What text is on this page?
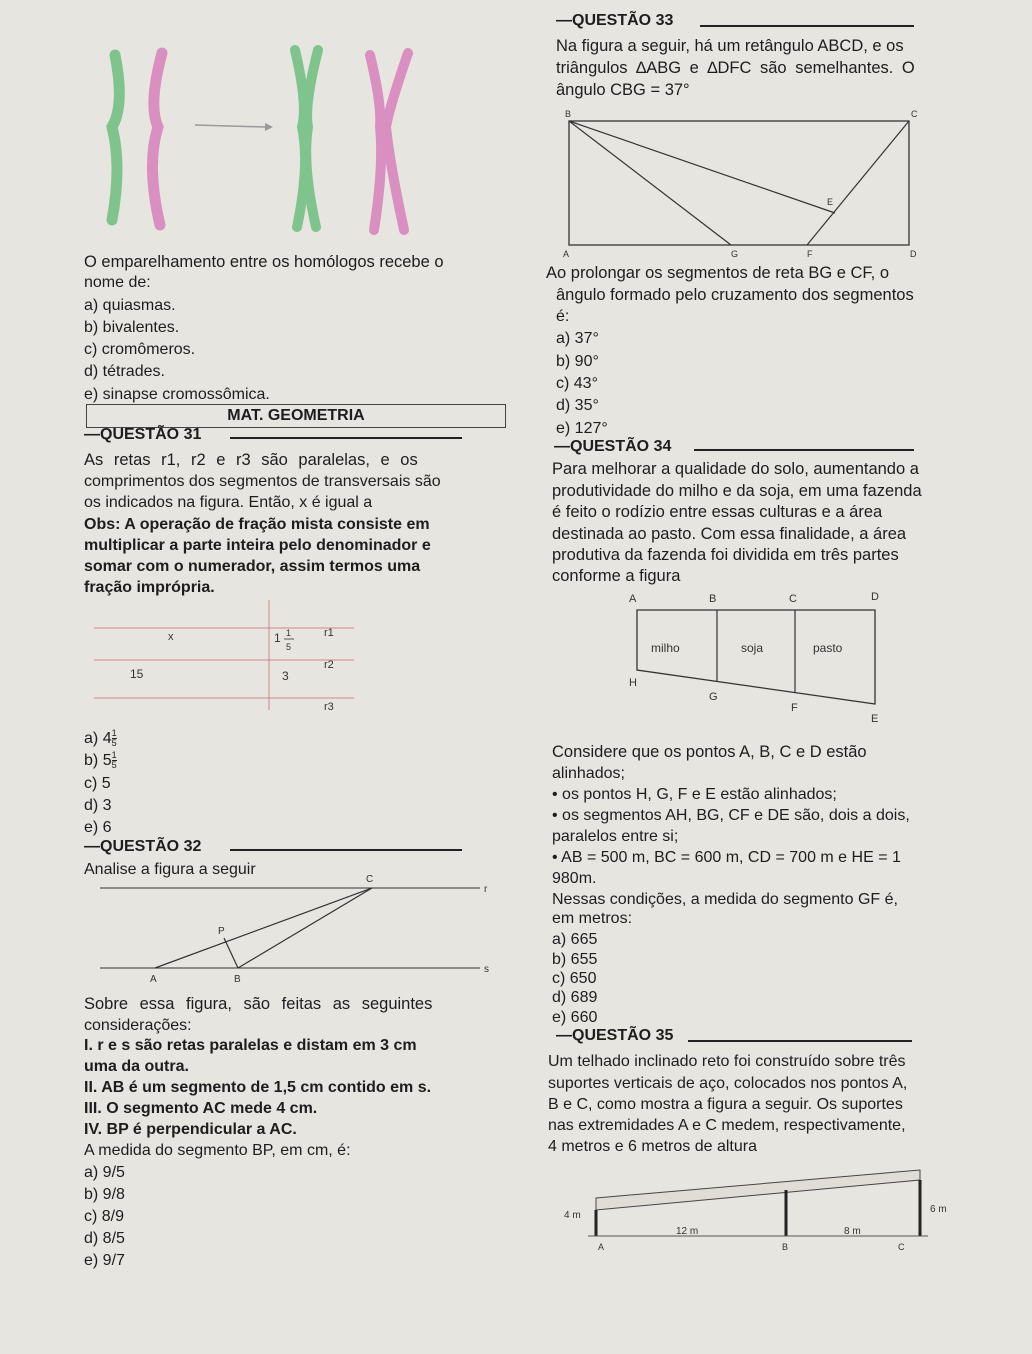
O emparelhamento entre os homólogos recebe o
nome de:
a) quiasmas.
b) bivalentes.
c) cromômeros.
d) tétrades.
e) sinapse cromossômica.
MAT. GEOMETRIA
—QUESTÃO 31
As retas r1, r2 e r3 são paralelas, e os
comprimentos dos segmentos de transversais são
os indicados na figura. Então, x é igual a
Obs: A operação de fração mista consiste em
multiplicar a parte inteira pelo denominador e
somar com o numerador, assim termos uma
fração imprópria.
x
15
1 1
5
3
r1
r2
r3
a) $4 \frac{1}{5}$
b) $5 \frac{1}{5}$
c) 5
d) 3
e) 6
—QUESTÃO 32
Analise a figura a seguir
C
r
P
A	B
s
Sobre essa figura, são feitas as seguintes
considerações:
I. r e s são retas paralelas e distam em 3 cm
uma da outra.
II. AB é um segmento de 1,5 cm contido em s.
III. O segmento AC mede 4 cm.
IV. BP é perpendicular a AC.
A medida do segmento BP, em cm, é:
a) 9/5
b) 9/8
c) 8/9
d) 8/5
e) 9/7
—QUESTÃO 33
Na figura a seguir, há um retângulo ABCD, e os
triângulos ∆ABG e ∆DFC são semelhantes. O
ângulo CBG = 37°
B	C
E
A	G	F	D
Ao prolongar os segmentos de reta BG e CF, o
ângulo formado pelo cruzamento dos segmentos
é:
a) 37°
b) 90°
c) 43°
d) 35°
e) 127°
—QUESTÃO 34
Para melhorar a qualidade do solo, aumentando a
produtividade do milho e da soja, em uma fazenda
é feito o rodízio entre essas culturas e a área
destinada ao pasto. Com essa finalidade, a área
produtiva da fazenda foi dividida em três partes
conforme a figura
A	B	C	D
milho	soja	pasto
H
G
F
E
Considere que os pontos A, B, C e D estão
alinhados;
• os pontos H, G, F e E estão alinhados;
• os segmentos AH, BG, CF e DE são, dois a dois,
paralelos entre si;
• AB = 500 m, BC = 600 m, CD = 700 m e HE = 1
980m.
Nessas condições, a medida do segmento GF é,
em metros:
a) 665
b) 655
c) 650
d) 689
e) 660
—QUESTÃO 35
Um telhado inclinado reto foi construído sobre três
suportes verticais de aço, colocados nos pontos A,
B e C, como mostra a figura a seguir. Os suportes
nas extremidades A e C medem, respectivamente,
4 metros e 6 metros de altura
4 m
6 m
12 m	8 m
A	B	C
